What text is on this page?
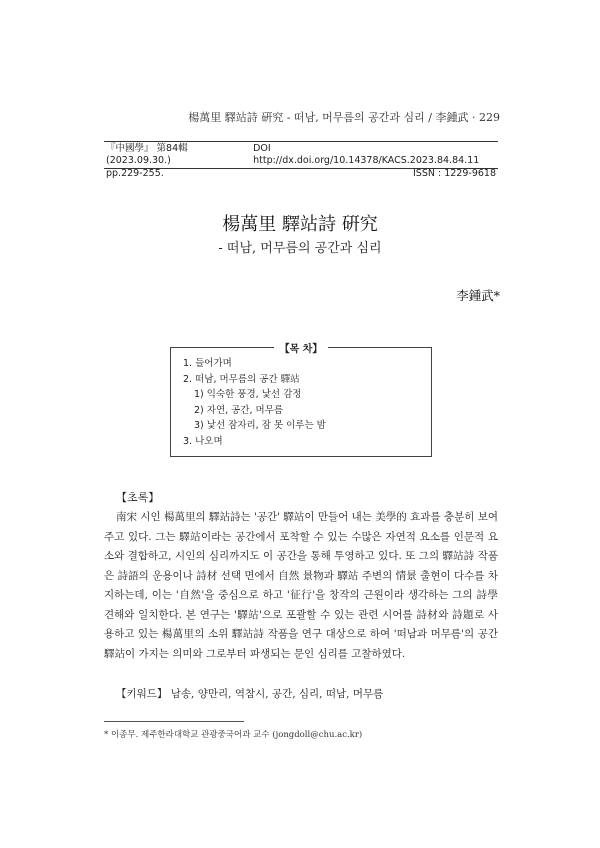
楊萬里 驛站詩 硏究 - 떠남, 머무름의 공간과 심리 / 李鍾武 · 229
『中國學』 第84輯 (2023.09.30.)
DOI http://dx.doi.org/10.14378/KACS.2023.84.84.11
pp.229-255.	ISSN : 1229-9618
楊萬里 驛站詩 硏究
- 떠남, 머무름의 공간과 심리
李鍾武*
【목 차】
1. 들어가며
2. 떠남, 머무름의 공간 驛站
1) 익숙한 풍경, 낯선 감정
2) 자연, 공간, 머무름
3) 낯선 잠자리, 잠 못 이루는 밤
3. 나오며
【초록】

南宋 시인 楊萬里의 驛站詩는 '공간' 驛站이 만들어 내는 美學的 효과를 충분히 보여주고 있다. 그는 驛站이라는 공간에서 포착할 수 있는 수많은 자연적 요소를 인문적 요소와 결합하고, 시인의 심리까지도 이 공간을 통해 투영하고 있다. 또 그의 驛站詩 작품은 詩語의 운용이나 詩材 선택 면에서 自然 景物과 驛站 주변의 情景 출현이 다수를 차지하는데, 이는 '自然'을 중심으로 하고 '征行'을 창작의 근원이라 생각하는 그의 詩學 견해와 일치한다. 본 연구는 '驛站'으로 포괄할 수 있는 관련 시어를 詩材와 詩題로 사용하고 있는 楊萬里의 소위 驛站詩 작품을 연구 대상으로 하여 '떠남과 머무름'의 공간 驛站이 가지는 의미와 그로부터 파생되는 문인 심리를 고찰하였다.

【키워드】 남송, 양만리, 역참시, 공간, 심리, 떠남, 머무름
* 이종무. 제주한라대학교 관광중국어과 교수 (jongdoll@chu.ac.kr)
